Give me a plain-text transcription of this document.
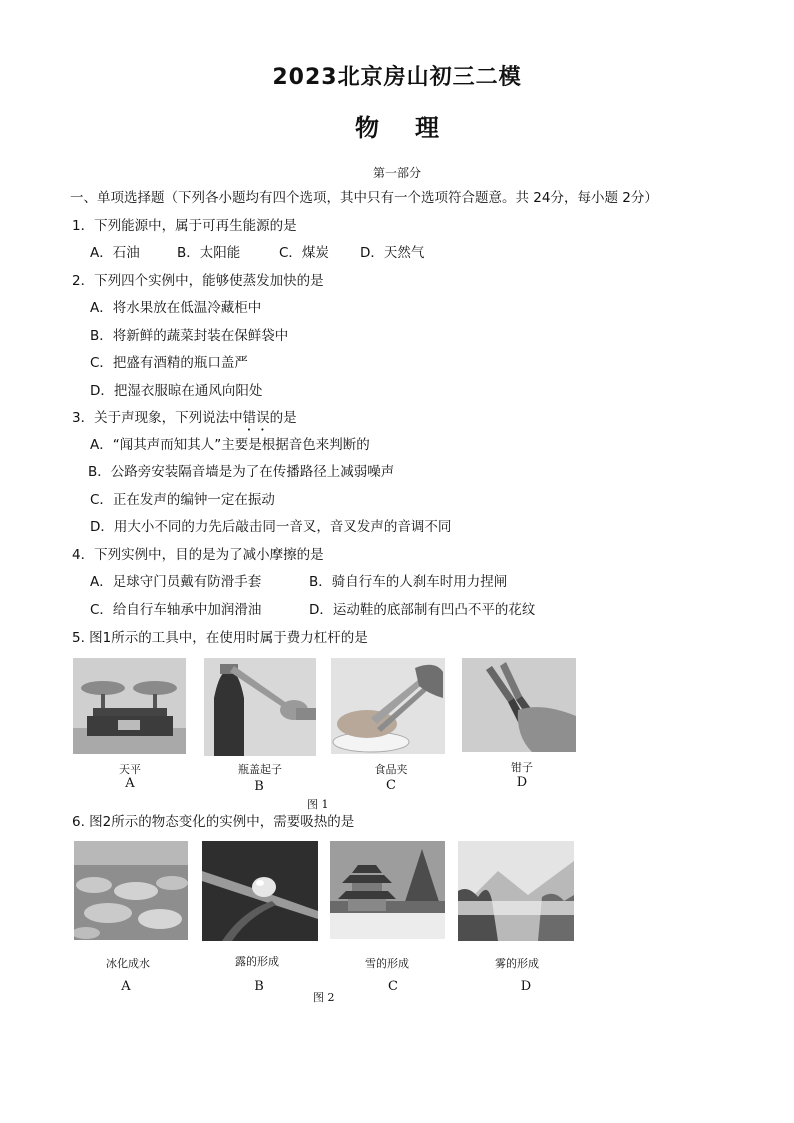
2023北京房山初三二模
物理
第一部分
一、单项选择题（下列各小题均有四个选项，其中只有一个选项符合题意。共 24分，每小题 2分）
1．下列能源中，属于可再生能源的是
A．石油	B．太阳能	C．煤炭 D．天然气
2．下列四个实例中，能够使蒸发加快的是
A．将水果放在低温冷藏柜中
B．将新鲜的蔬菜封装在保鲜袋中
C．把盛有酒精的瓶口盖严
D．把湿衣服晾在通风向阳处
3．关于声现象，下列说法中错误的是
A．“闻其声而知其人”主要是根据音色来判断的
B．公路旁安装隔音墙是为了在传播路径上减弱噪声
C．正在发声的编钟一定在振动
D．用大小不同的力先后敲击同一音叉，音叉发声的音调不同
4．下列实例中，目的是为了减小摩擦的是
A．足球守门员戴有防滑手套	B．骑自行车的人刹车时用力捏闸
C．给自行车轴承中加润滑油	D．运动鞋的底部制有凹凸不平的花纹
5. 图1所示的工具中，在使用时属于费力杠杆的是
天平	瓶盖起子	食品夹	钳子
A	B	C	D
图 1
6. 图2所示的物态变化的实例中，需要吸热的是
冰化成水	露的形成	雪的形成	雾的形成
A	B	C	D
图 2
